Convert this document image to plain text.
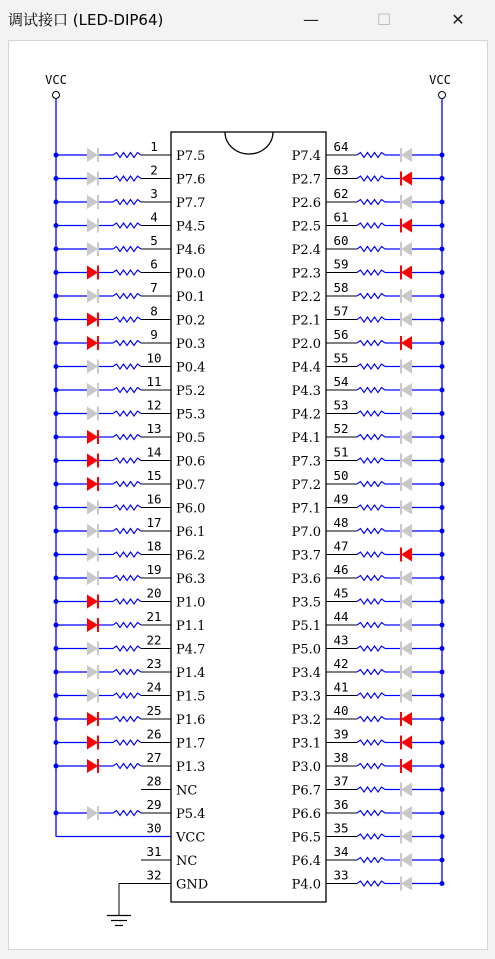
调试接口 (LED-DIP64)	—	☐	✕
VCC	VCC
1
P7.5
2
P7.6
3
P7.7
4
P4.5
5
P4.6
6
P0.0
7
P0.1
8
P0.2
9
P0.3
10
P0.4
11
P5.2
12
P5.3
13
P0.5
14
P0.6
15
P0.7
16
P6.0
17
P6.1
18
P6.2
19
P6.3
20
P1.0
21
P1.1
22
P4.7
23
P1.4
24
P1.5
25
P1.6
26
P1.7
27
P1.3
28
NC
29
P5.4
30
VCC
31
NC
32
GND
64
P7.4
63
P2.7
62
P2.6
61
P2.5
60
P2.4
59
P2.3
58
P2.2
57
P2.1
56
P2.0
55
P4.4
54
P4.3
53
P4.2
52
P4.1
51
P7.3
50
P7.2
49
P7.1
48
P7.0
47
P3.7
46
P3.6
45
P3.5
44
P5.1
43
P5.0
42
P3.4
41
P3.3
40
P3.2
39
P3.1
38
P3.0
37
P6.7
36
P6.6
35
P6.5
34
P6.4
33
P4.0
